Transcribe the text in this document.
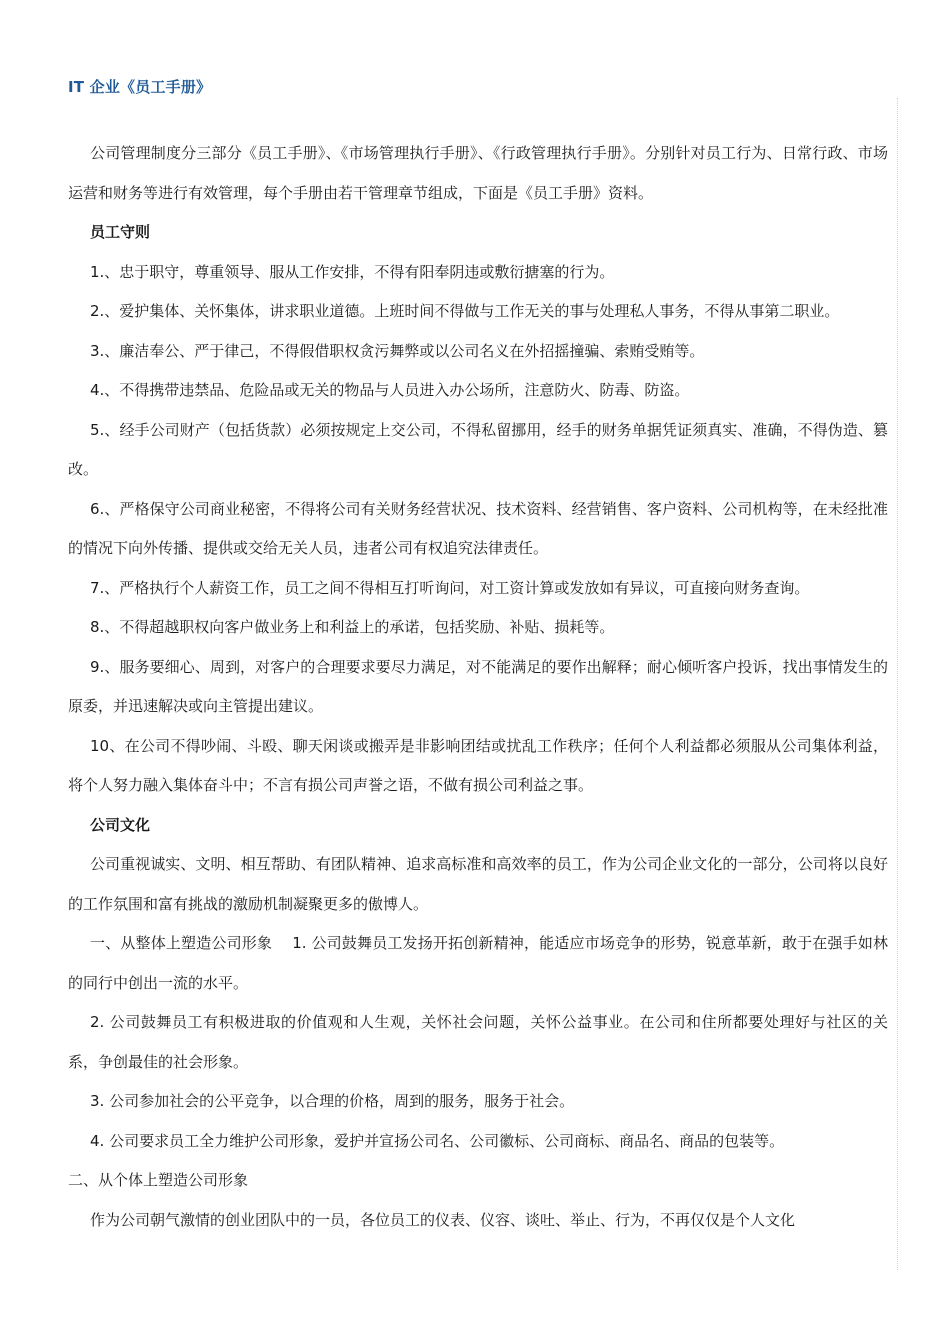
IT 企业《员工手册》

公司管理制度分三部分《员工手册》、《市场管理执行手册》、《行政管理执行手册》。分别针对员工行为、日常行政、市场运营和财务等进行有效管理，每个手册由若干管理章节组成，下面是《员工手册》资料。

员工守则

1.、忠于职守，尊重领导、服从工作安排，不得有阳奉阴违或敷衍搪塞的行为。

2.、爱护集体、关怀集体，讲求职业道德。上班时间不得做与工作无关的事与处理私人事务，不得从事第二职业。

3.、廉洁奉公、严于律己，不得假借职权贪污舞弊或以公司名义在外招摇撞骗、索贿受贿等。

4.、不得携带违禁品、危险品或无关的物品与人员进入办公场所，注意防火、防毒、防盗。

5.、经手公司财产（包括货款）必须按规定上交公司，不得私留挪用，经手的财务单据凭证须真实、准确，不得伪造、篡改。

6.、严格保守公司商业秘密，不得将公司有关财务经营状况、技术资料、经营销售、客户资料、公司机构等，在未经批准的情况下向外传播、提供或交给无关人员，违者公司有权追究法律责任。

7.、严格执行个人薪资工作，员工之间不得相互打听询问，对工资计算或发放如有异议，可直接向财务查询。

8.、不得超越职权向客户做业务上和利益上的承诺，包括奖励、补贴、损耗等。

9.、服务要细心、周到，对客户的合理要求要尽力满足，对不能满足的要作出解释；耐心倾听客户投诉，找出事情发生的原委，并迅速解决或向主管提出建议。

10、在公司不得吵闹、斗殴、聊天闲谈或搬弄是非影响团结或扰乱工作秩序；任何个人利益都必须服从公司集体利益，将个人努力融入集体奋斗中；不言有损公司声誉之语，不做有损公司利益之事。

公司文化

公司重视诚实、文明、相互帮助、有团队精神、追求高标准和高效率的员工，作为公司企业文化的一部分，公司将以良好的工作氛围和富有挑战的激励机制凝聚更多的傲博人。

一、从整体上塑造公司形象　 1. 公司鼓舞员工发扬开拓创新精神，能适应市场竞争的形势，锐意革新，敢于在强手如林的同行中创出一流的水平。

2. 公司鼓舞员工有积极进取的价值观和人生观，关怀社会问题，关怀公益事业。在公司和住所都要处理好与社区的关系，争创最佳的社会形象。

3. 公司参加社会的公平竞争，以合理的价格，周到的服务，服务于社会。

4. 公司要求员工全力维护公司形象，爱护并宣扬公司名、公司徽标、公司商标、商品名、商品的包装等。

二、从个体上塑造公司形象

作为公司朝气激情的创业团队中的一员，各位员工的仪表、仪容、谈吐、举止、行为，不再仅仅是个人文化
